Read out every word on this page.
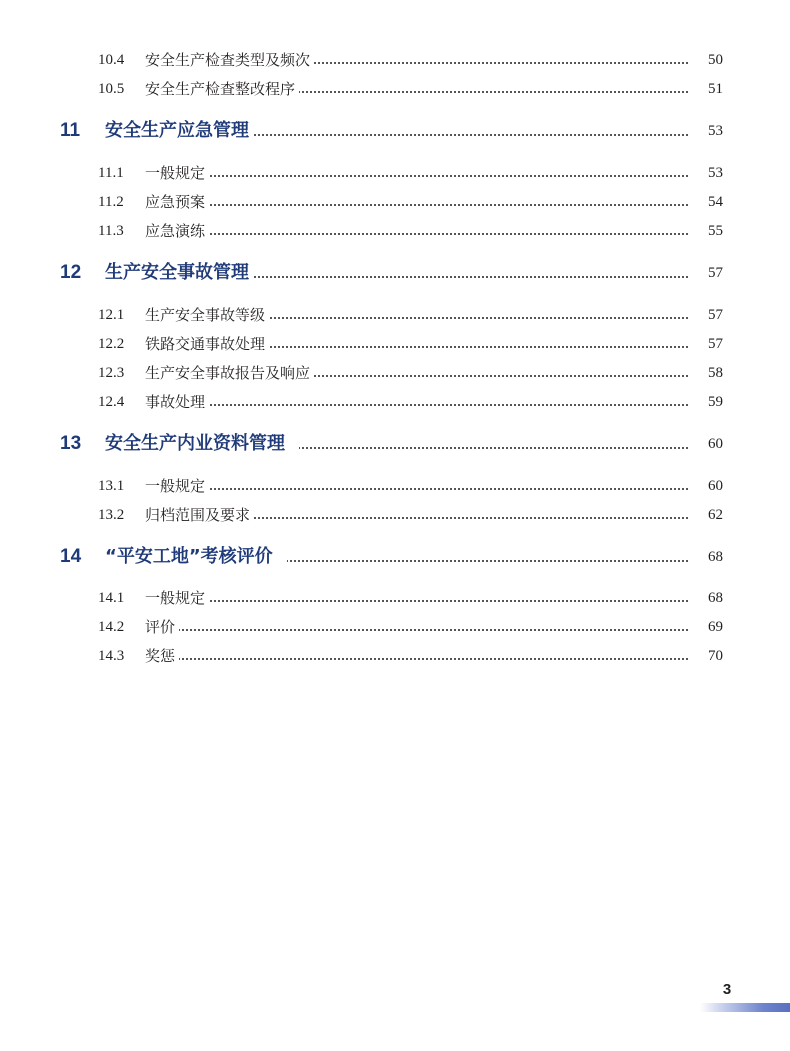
10.4 安全生产检查类型及频次	50
10.5 安全生产检查整改程序	51
11 安全生产应急管理	53
11.1 一般规定	53
11.2 应急预案	54
11.3 应急演练	55
12 生产安全事故管理	57
12.1 生产安全事故等级	57
12.2 铁路交通事故处理	57
12.3 生产安全事故报告及响应	58
12.4 事故处理	59
13 安全生产内业资料管理	60
13.1 一般规定	60
13.2 归档范围及要求	62
14 “平安工地”考核评价	68
14.1 一般规定	68
14.2 评价	69
14.3 奖惩	70
3
